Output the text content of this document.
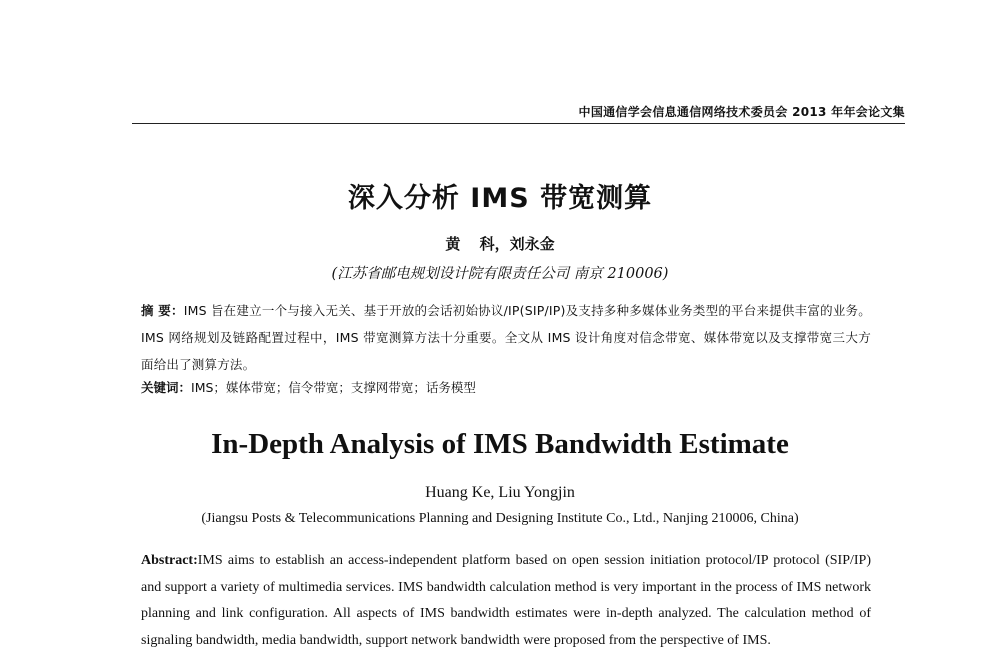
中国通信学会信息通信网络技术委员会 2013 年年会论文集
深入分析 IMS 带宽测算
黄 科，刘永金
(江苏省邮电规划设计院有限责任公司 南京 210006)
摘 要：IMS 旨在建立一个与接入无关、基于开放的会话初始协议/IP(SIP/IP)及支持多种多媒体业务类型的平台来提供丰富的业务。IMS 网络规划及链路配置过程中，IMS 带宽测算方法十分重要。全文从 IMS 设计角度对信念带宽、媒体带宽以及支撑带宽三大方面给出了测算方法。
关键词：IMS；媒体带宽；信令带宽；支撑网带宽；话务模型
In-Depth Analysis of IMS Bandwidth Estimate
Huang Ke, Liu Yongjin
(Jiangsu Posts & Telecommunications Planning and Designing Institute Co., Ltd., Nanjing 210006, China)
Abstract:IMS aims to establish an access-independent platform based on open session initiation protocol/IP protocol (SIP/IP) and support a variety of multimedia services. IMS bandwidth calculation method is very important in the process of IMS network planning and link configuration. All aspects of IMS bandwidth estimates were in-depth analyzed. The calculation method of signaling bandwidth, media bandwidth, support network bandwidth were proposed from the perspective of IMS.
